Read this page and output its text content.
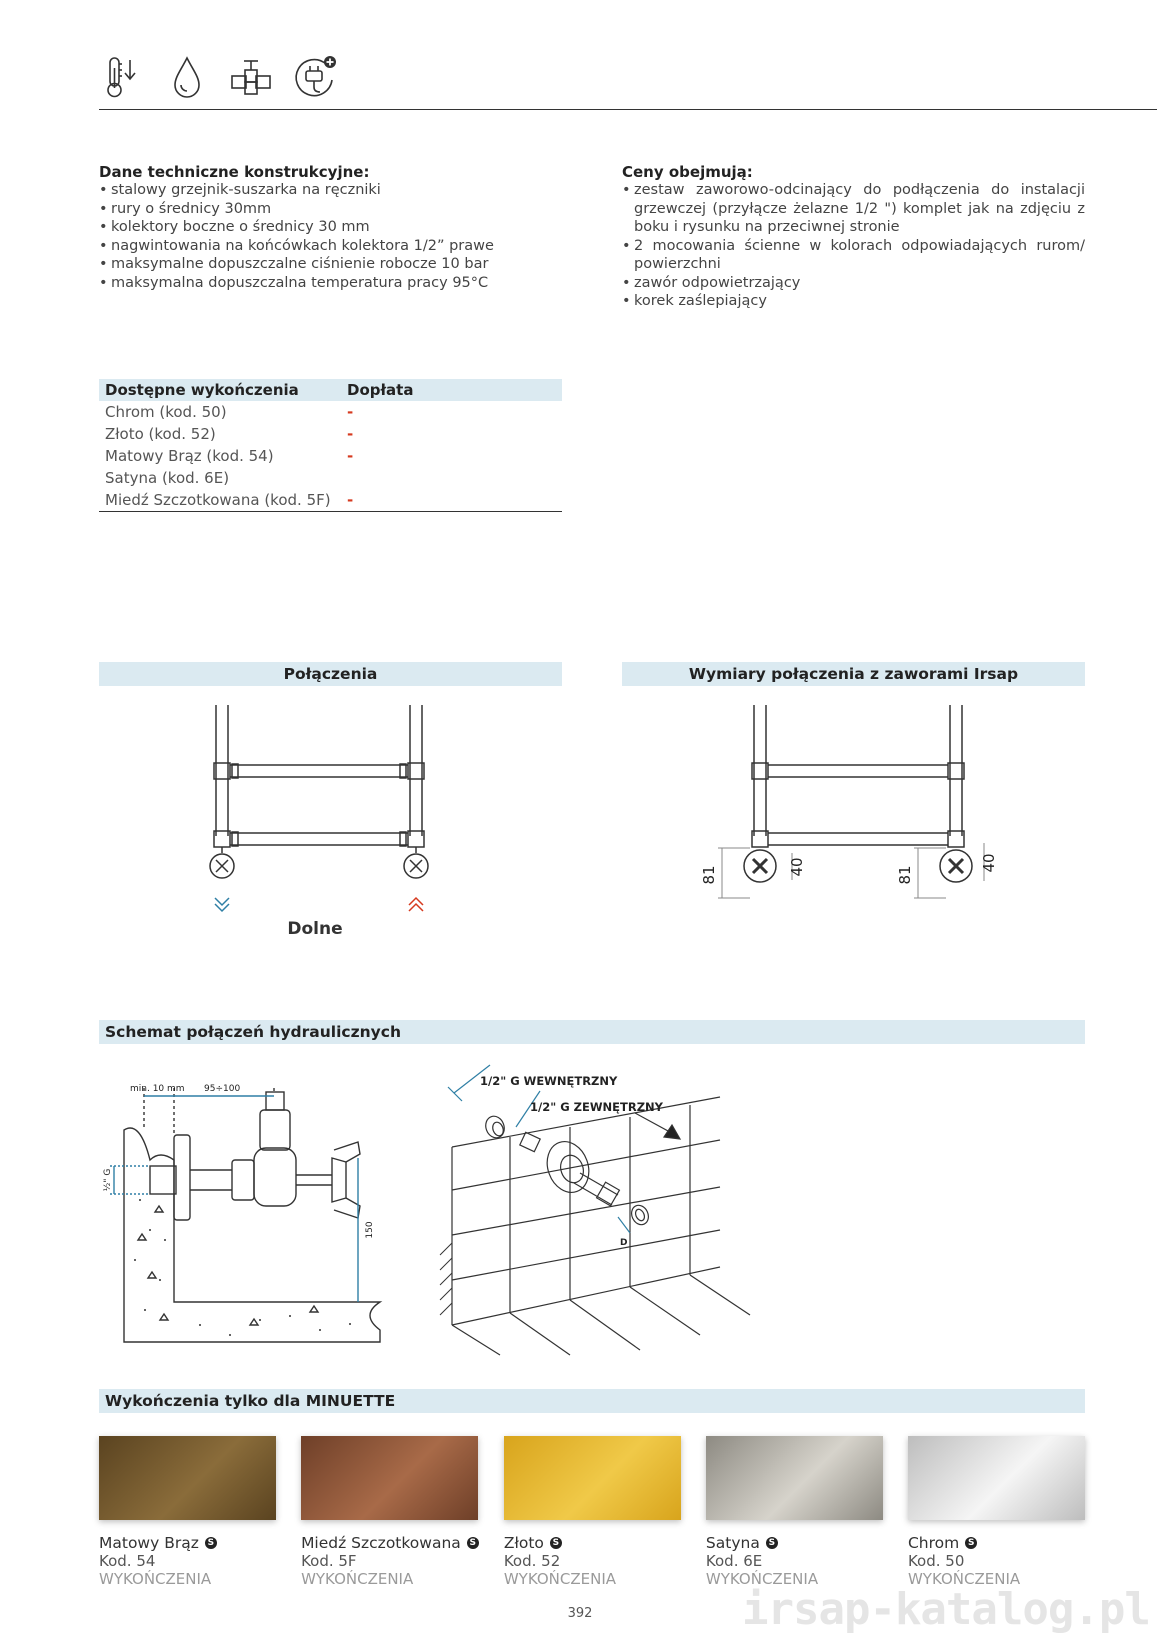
Dane techniczne konstrukcyjne:
• stalowy grzejnik-suszarka na ręczniki
• rury o średnicy 30mm
• kolektory boczne o średnicy 30 mm
• nagwintowania na końcówkach kolektora 1/2” prawe
• maksymalne dopuszczalne ciśnienie robocze 10 bar
• maksymalna dopuszczalna temperatura pracy 95°C
Ceny obejmują:
• zestaw zaworowo-odcinający do podłączenia do instalacji grzewczej (przyłącze żelazne 1/2 ") komplet jak na zdjęciu z boku i rysunku na przeciwnej stronie
• 2 mocowania ścienne w kolorach odpowiadających rurom/ powierzchni
• zawór odpowietrzający
• korek zaślepiający
Dostępne wykończenia	Dopłata
Chrom (kod. 50)	-
Złoto (kod. 52)	-
Matowy Brąz (kod. 54)	-
Satyna (kod. 6E)	
Miedź Szczotkowana (kod. 5F)	-
Połączenia
Dolne
Wymiary połączenia z zaworami Irsap
81	40	81
40
Schemat połączeń hydraulicznych
min. 10 mm 95÷100
½" G
150
1/2" G WEWNĘTRZNY
1/2" G ZEWNĘTRZNY
D
Wykończenia tylko dla MINUETTE
Matowy Brąz S
Kod. 54
WYKOŃCZENIA
Miedź Szczotkowana S
Kod. 5F
WYKOŃCZENIA
Złoto S
Kod. 52
WYKOŃCZENIA
Satyna S
Kod. 6E
WYKOŃCZENIA
Chrom S
Kod. 50
WYKOŃCZENIA
392	irsap-katalog.pl
